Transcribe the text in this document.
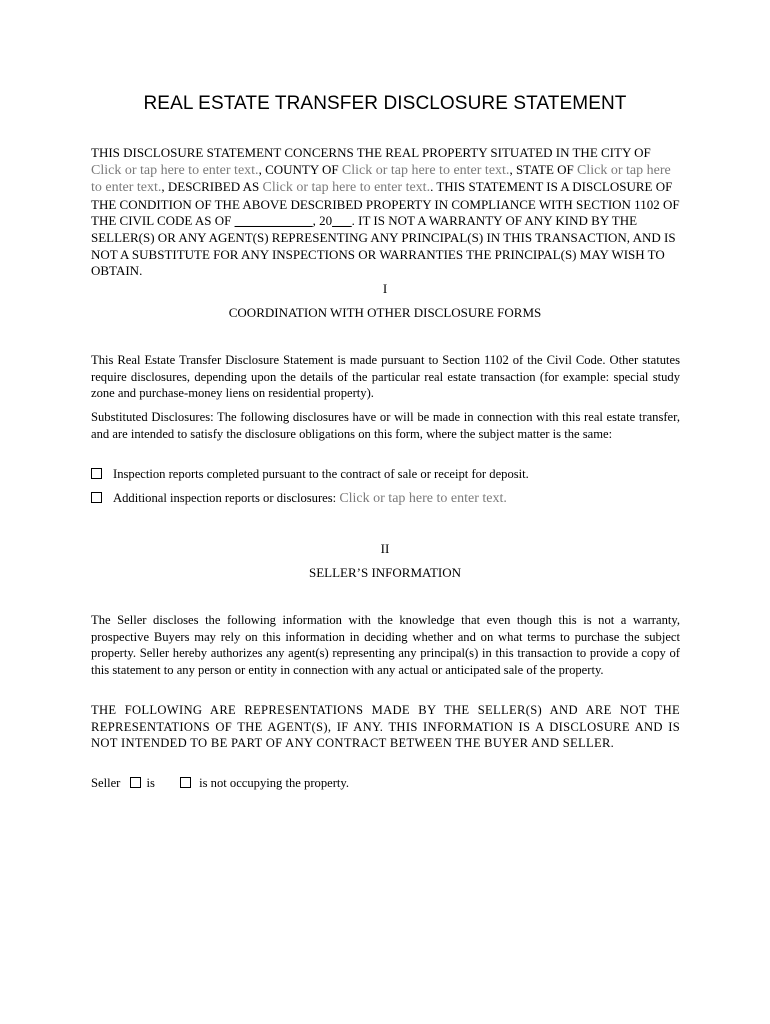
REAL ESTATE TRANSFER DISCLOSURE STATEMENT
THIS DISCLOSURE STATEMENT CONCERNS THE REAL PROPERTY SITUATED IN THE CITY OF Click or tap here to enter text., COUNTY OF Click or tap here to enter text., STATE OF Click or tap here to enter text., DESCRIBED AS Click or tap here to enter text.. THIS STATEMENT IS A DISCLOSURE OF THE CONDITION OF THE ABOVE DESCRIBED PROPERTY IN COMPLIANCE WITH SECTION 1102 OF THE CIVIL CODE AS OF ____________, 20___. IT IS NOT A WARRANTY OF ANY KIND BY THE SELLER(S) OR ANY AGENT(S) REPRESENTING ANY PRINCIPAL(S) IN THIS TRANSACTION, AND IS NOT A SUBSTITUTE FOR ANY INSPECTIONS OR WARRANTIES THE PRINCIPAL(S) MAY WISH TO OBTAIN.
I
COORDINATION WITH OTHER DISCLOSURE FORMS
This Real Estate Transfer Disclosure Statement is made pursuant to Section 1102 of the Civil Code. Other statutes require disclosures, depending upon the details of the particular real estate transaction (for example: special study zone and purchase-money liens on residential property).
Substituted Disclosures: The following disclosures have or will be made in connection with this real estate transfer, and are intended to satisfy the disclosure obligations on this form, where the subject matter is the same:
Inspection reports completed pursuant to the contract of sale or receipt for deposit.
Additional inspection reports or disclosures: Click or tap here to enter text.
II
SELLER’S INFORMATION
The Seller discloses the following information with the knowledge that even though this is not a warranty, prospective Buyers may rely on this information in deciding whether and on what terms to purchase the subject property. Seller hereby authorizes any agent(s) representing any principal(s) in this transaction to provide a copy of this statement to any person or entity in connection with any actual or anticipated sale of the property.
THE FOLLOWING ARE REPRESENTATIONS MADE BY THE SELLER(S) AND ARE NOT THE REPRESENTATIONS OF THE AGENT(S), IF ANY. THIS INFORMATION IS A DISCLOSURE AND IS NOT INTENDED TO BE PART OF ANY CONTRACT BETWEEN THE BUYER AND SELLER.
Seller is	is not occupying the property.
